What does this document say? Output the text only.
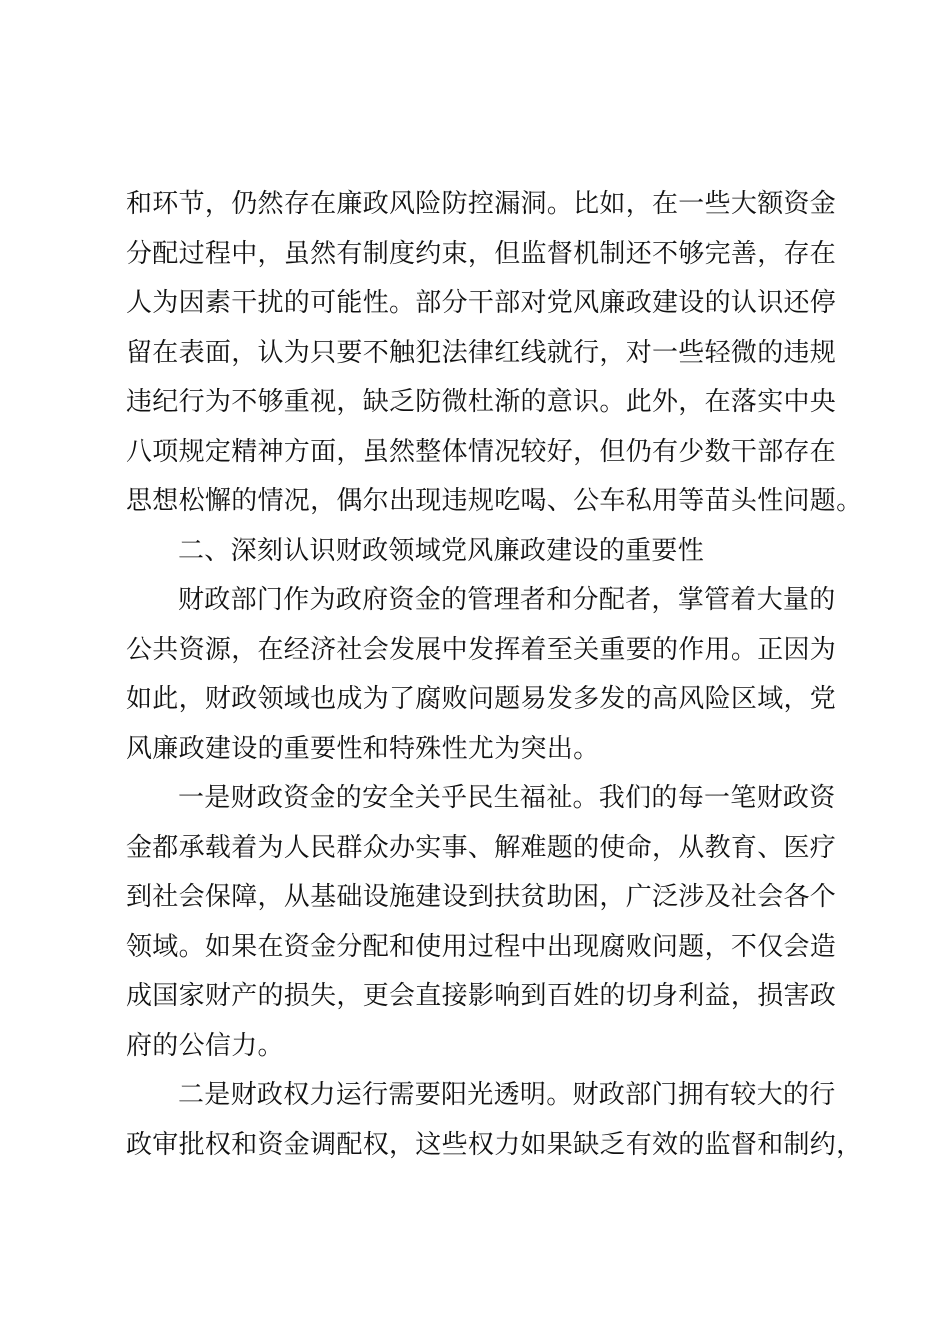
和环节，仍然存在廉政风险防控漏洞。比如，在一些大额资金
分配过程中，虽然有制度约束，但监督机制还不够完善，存在
人为因素干扰的可能性。部分干部对党风廉政建设的认识还停
留在表面，认为只要不触犯法律红线就行，对一些轻微的违规
违纪行为不够重视，缺乏防微杜渐的意识。此外，在落实中央
八项规定精神方面，虽然整体情况较好，但仍有少数干部存在
思想松懈的情况，偶尔出现违规吃喝、公车私用等苗头性问题。
二、深刻认识财政领域党风廉政建设的重要性
财政部门作为政府资金的管理者和分配者，掌管着大量的
公共资源，在经济社会发展中发挥着至关重要的作用。正因为
如此，财政领域也成为了腐败问题易发多发的高风险区域，党
风廉政建设的重要性和特殊性尤为突出。
一是财政资金的安全关乎民生福祉。我们的每一笔财政资
金都承载着为人民群众办实事、解难题的使命，从教育、医疗
到社会保障，从基础设施建设到扶贫助困，广泛涉及社会各个
领域。如果在资金分配和使用过程中出现腐败问题，不仅会造
成国家财产的损失，更会直接影响到百姓的切身利益，损害政
府的公信力。
二是财政权力运行需要阳光透明。财政部门拥有较大的行
政审批权和资金调配权，这些权力如果缺乏有效的监督和制约，
